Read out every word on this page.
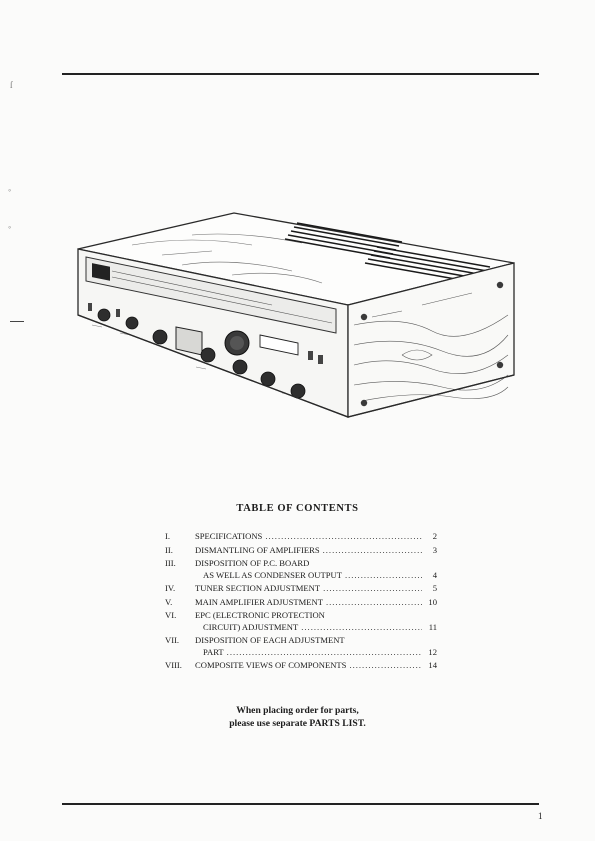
ſ
◦
◦
TABLE OF CONTENTS
I.	SPECIFICATIONS .....	2
II.	DISMANTLING OF AMPLIFIERS .....	3
III.	DISPOSITION OF P.C. BOARD
AS WELL AS CONDENSER OUTPUT .....	4
IV.	TUNER SECTION ADJUSTMENT .....	5
V.	MAIN AMPLIFIER ADJUSTMENT .....	10
VI.	EPC (ELECTRONIC PROTECTION
CIRCUIT) ADJUSTMENT .....	11
VII.	DISPOSITION OF EACH ADJUSTMENT
PART .....	12
VIII.	COMPOSITE VIEWS OF COMPONENTS .....	14
When placing order for parts,
please use separate PARTS LIST.
1
